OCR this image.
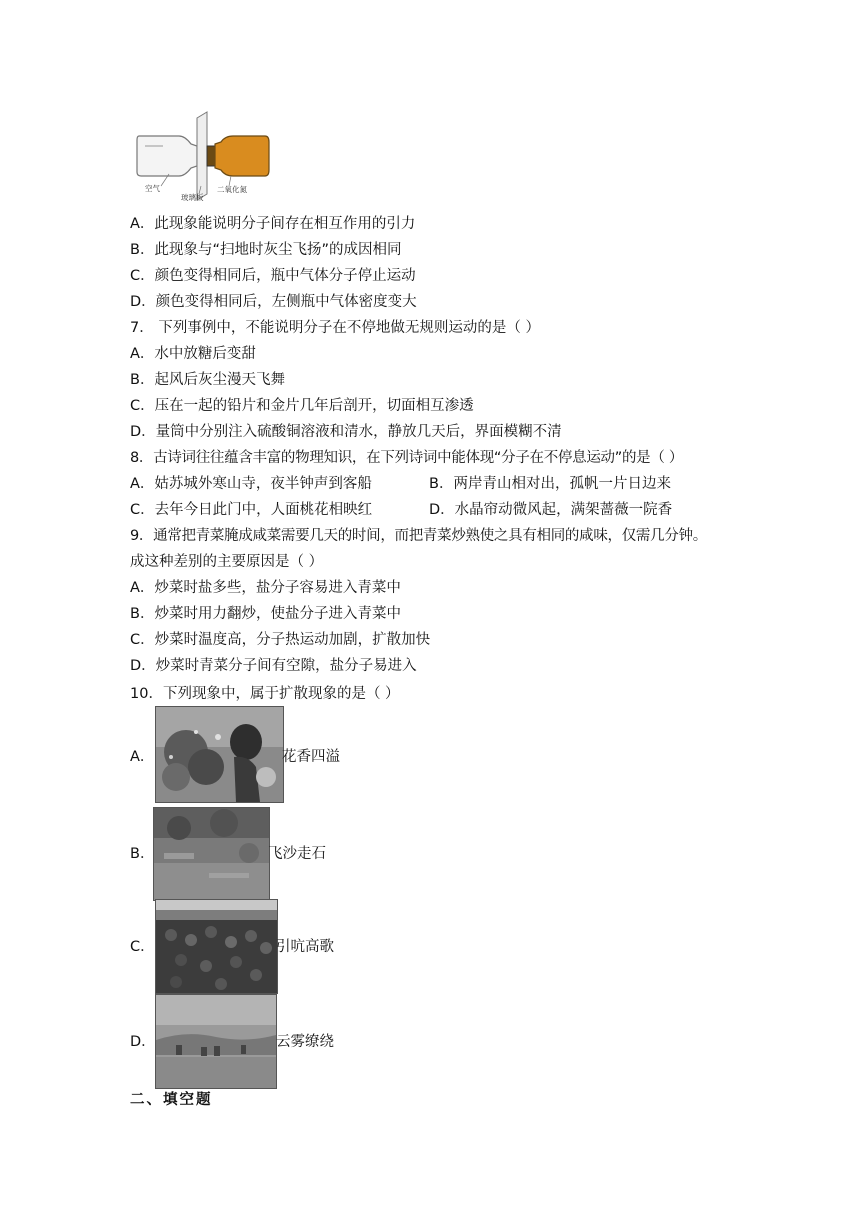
空气
玻璃板
二氧化氮
A．此现象能说明分子间存在相互作用的引力
B．此现象与“扫地时灰尘飞扬”的成因相同
C．颜色变得相同后，瓶中气体分子停止运动
D．颜色变得相同后，左侧瓶中气体密度变大
7． 下列事例中，不能说明分子在不停地做无规则运动的是（ ）
A．水中放糖后变甜
B．起风后灰尘漫天飞舞
C．压在一起的铅片和金片几年后剖开，切面相互渗透
D．量筒中分别注入硫酸铜溶液和清水，静放几天后，界面模糊不清
8．古诗词往往蕴含丰富的物理知识，在下列诗词中能体现“分子在不停息运动”的是（ ）
A．姑苏城外寒山寺，夜半钟声到客船	B．两岸青山相对出，孤帆一片日边来
C．去年今日此门中，人面桃花相映红	D．水晶帘动微风起，满架蔷薇一院香
9．通常把青菜腌成咸菜需要几天的时间，而把青菜炒熟使之具有相同的咸味，仅需几分钟。
成这种差别的主要原因是（ ）
A．炒菜时盐多些，盐分子容易进入青菜中
B．炒菜时用力翻炒，使盐分子进入青菜中
C．炒菜时温度高，分子热运动加剧，扩散加快
D．炒菜时青菜分子间有空隙，盐分子易进入
10．下列现象中，属于扩散现象的是（ ）
A．	花香四溢
B．	飞沙走石
C．	引吭高歌
D．	云雾缭绕
二、填空题
